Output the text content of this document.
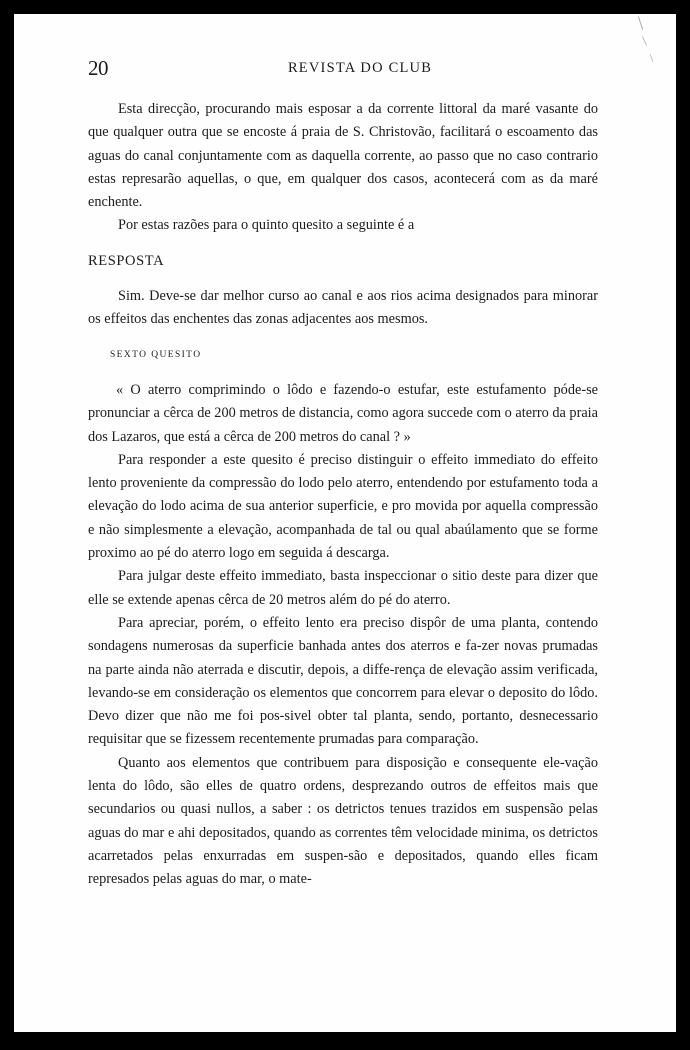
20	REVISTA DO CLUB

Esta direcção, procurando mais esposar a da corrente littoral da maré vasante do que qualquer outra que se encoste á praia de S. Christovão, facilitará o escoamento das aguas do canal conjuntamente com as daquella corrente, ao passo que no caso contrario estas represarão aquellas, o que, em qualquer dos casos, acontecerá com as da maré enchente.

Por estas razões para o quinto quesito a seguinte é a

RESPOSTA

Sim. Deve-se dar melhor curso ao canal e aos rios acima designados para minorar os effeitos das enchentes das zonas adjacentes aos mesmos.

SEXTO QUESITO

« O aterro comprimindo o lôdo e fazendo-o estufar, este estufamento póde-se pronunciar a cêrca de 200 metros de distancia, como agora succede com o aterro da praia dos Lazaros, que está a cêrca de 200 metros do canal ? »

Para responder a este quesito é preciso distinguir o effeito immediato do effeito lento proveniente da compressão do lodo pelo aterro, entendendo por estufamento toda a elevação do lodo acima de sua anterior superficie, e pro movida por aquella compressão e não simplesmente a elevação, acompanhada de tal ou qual abaúlamento que se forme proximo ao pé do aterro logo em seguida á descarga.

Para julgar deste effeito immediato, basta inspeccionar o sitio deste para dizer que elle se extende apenas cêrca de 20 metros além do pé do aterro.

Para apreciar, porém, o effeito lento era preciso dispôr de uma planta, contendo sondagens numerosas da superficie banhada antes dos aterros e fa-zer novas prumadas na parte ainda não aterrada e discutir, depois, a diffe-rença de elevação assim verificada, levando-se em consideração os elementos que concorrem para elevar o deposito do lôdo. Devo dizer que não me foi pos-sivel obter tal planta, sendo, portanto, desnecessario requisitar que se fizessem recentemente prumadas para comparação.

Quanto aos elementos que contribuem para disposição e consequente ele-vação lenta do lôdo, são elles de quatro ordens, desprezando outros de effeitos mais que secundarios ou quasi nullos, a saber : os detrictos tenues trazidos em suspensão pelas aguas do mar e ahi depositados, quando as correntes têm velocidade minima, os detrictos acarretados pelas enxurradas em suspen-são e depositados, quando elles ficam represados pelas aguas do mar, o mate-
